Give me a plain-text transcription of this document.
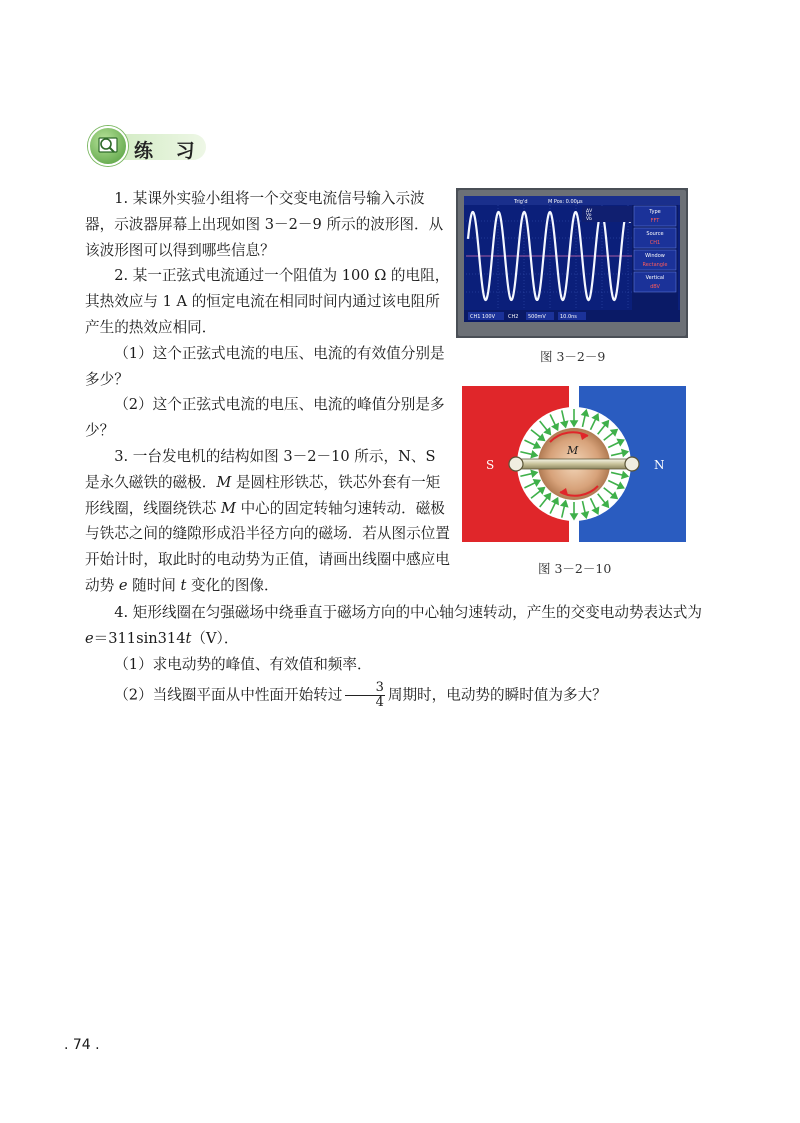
练 习

1. 某课外实验小组将一个交变电流信号输入示波器，示波器屏幕上出现如图 3－2－9 所示的波形图．从该波形图可以得到哪些信息？

2. 某一正弦式电流通过一个阻值为 100 Ω 的电阻，其热效应与 1 A 的恒定电流在相同时间内通过该电阻所产生的热效应相同．

（1）这个正弦式电流的电压、电流的有效值分别是多少？

（2）这个正弦式电流的电压、电流的峰值分别是多少？

3. 一台发电机的结构如图 3－2－10 所示，N、S 是永久磁铁的磁极．M 是圆柱形铁芯，铁芯外套有一矩形线圈，线圈绕铁芯 M 中心的固定转轴匀速转动．磁极与铁芯之间的缝隙形成沿半径方向的磁场．若从图示位置开始计时，取此时的电动势为正值，请画出线圈中感应电动势 e 随时间 t 变化的图像．

4. 矩形线圈在匀强磁场中绕垂直于磁场方向的中心轴匀速转动，产生的交变电动势表达式为 e＝311sin314t（V）．

（1）求电动势的峰值、有效值和频率．

（2）当线圈平面从中性面开始转过 $\frac{3}{4}$ 周期时，电动势的瞬时值为多大？

Trig'd	M Pos: 0.00μs
ΔV
Vo
Vb
Type
FFT
Source
CH1
Window
Rectangle
Vertical
dBV
CH1 100V	CH2 500mV	10.0ns
图 3－2－9
M
S	N
图 3－2－10
. 74 .
